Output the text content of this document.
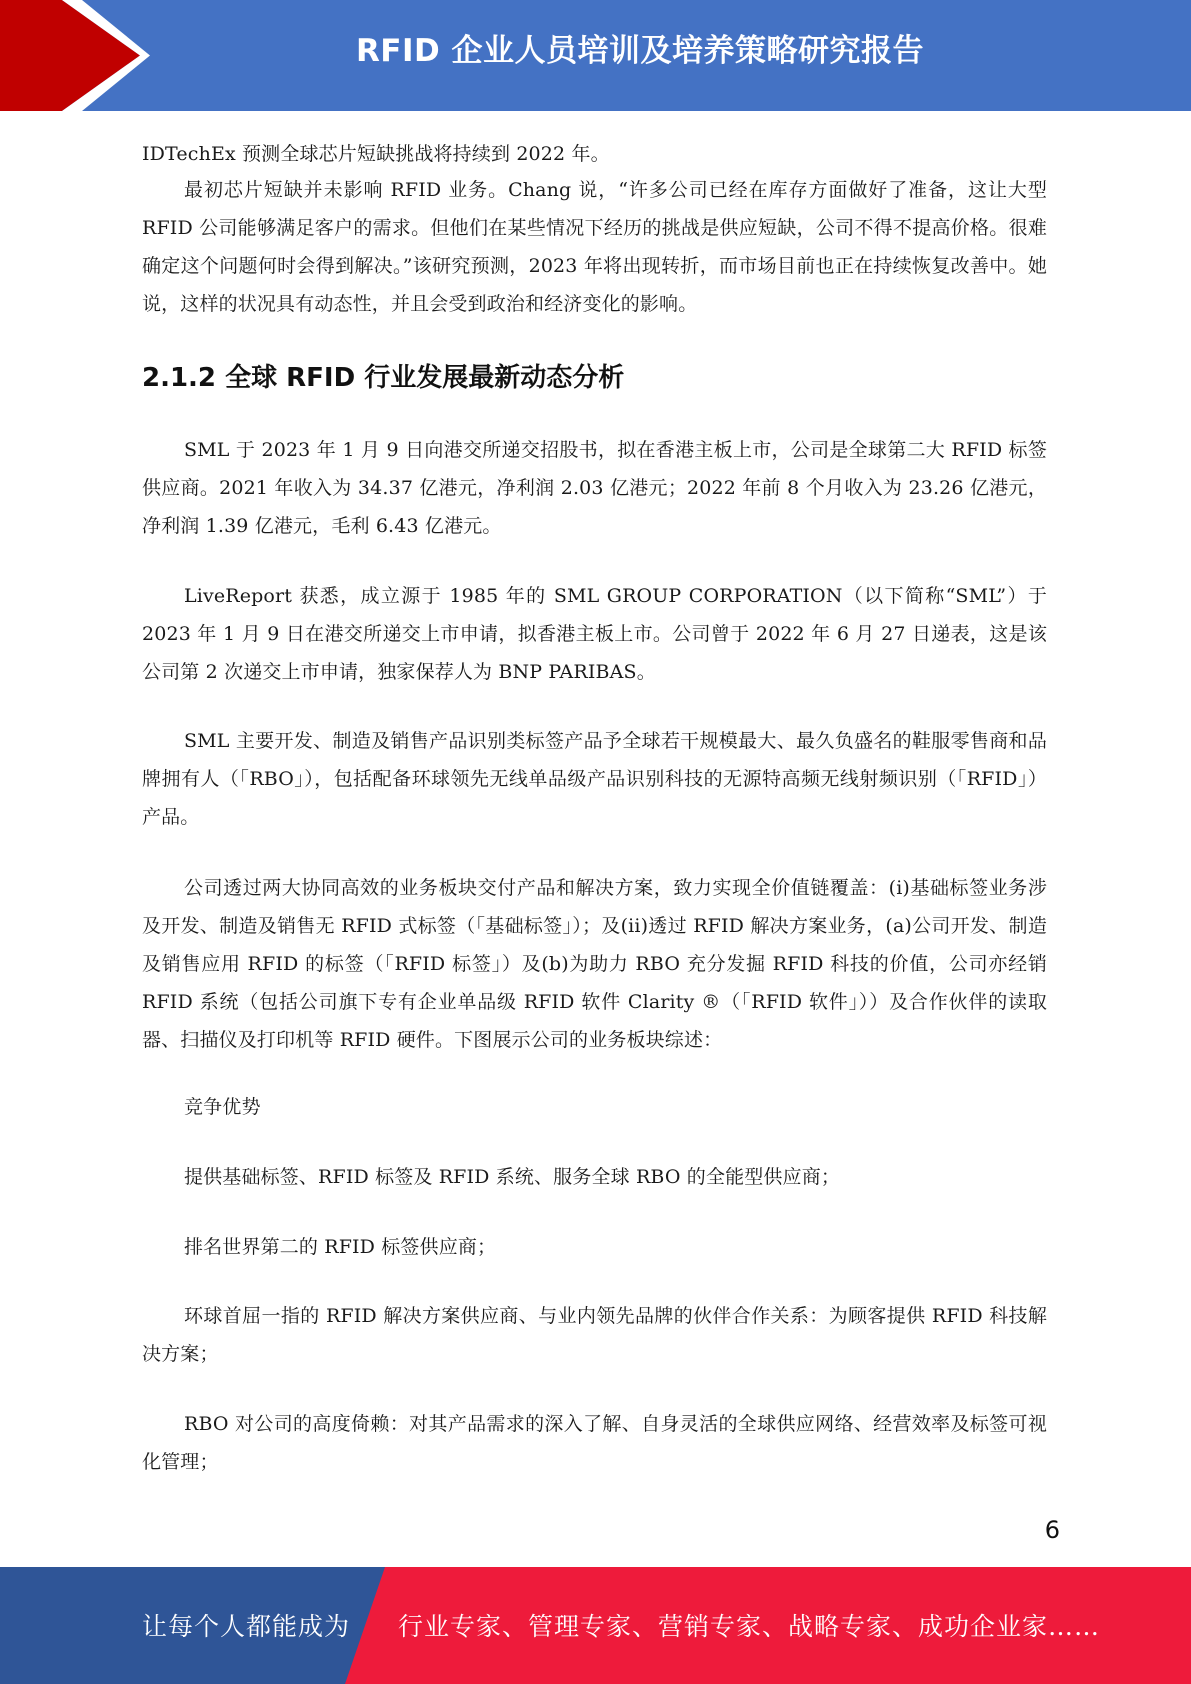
RFID 企业人员培训及培养策略研究报告

IDTechEx 预测全球芯片短缺挑战将持续到 2022 年。

最初芯片短缺并未影响 RFID 业务。Chang 说，“许多公司已经在库存方面做好了准备，这让大型 RFID 公司能够满足客户的需求。但他们在某些情况下经历的挑战是供应短缺，公司不得不提高价格。很难确定这个问题何时会得到解决。”该研究预测，2023 年将出现转折，而市场目前也正在持续恢复改善中。她说，这样的状况具有动态性，并且会受到政治和经济变化的影响。

2.1.2 全球 RFID 行业发展最新动态分析

SML 于 2023 年 1 月 9 日向港交所递交招股书，拟在香港主板上市，公司是全球第二大 RFID 标签供应商。2021 年收入为 34.37 亿港元，净利润 2.03 亿港元；2022 年前 8 个月收入为 23.26 亿港元，净利润 1.39 亿港元，毛利 6.43 亿港元。

LiveReport 获悉，成立源于 1985 年的 SML GROUP CORPORATION（以下简称“SML”）于 2023 年 1 月 9 日在港交所递交上市申请，拟香港主板上市。公司曾于 2022 年 6 月 27 日递表，这是该公司第 2 次递交上市申请，独家保荐人为 BNP PARIBAS。

SML 主要开发、制造及销售产品识别类标签产品予全球若干规模最大、最久负盛名的鞋服零售商和品牌拥有人（「RBO」），包括配备环球领先无线单品级产品识别科技的无源特高频无线射频识别（「RFID」）产品。

公司透过两大协同高效的业务板块交付产品和解决方案，致力实现全价值链覆盖：(i)基础标签业务涉及开发、制造及销售无 RFID 式标签（「基础标签」）；及(ii)透过 RFID 解决方案业务，(a)公司开发、制造及销售应用 RFID 的标签（「RFID 标签」）及(b)为助力 RBO 充分发掘 RFID 科技的价值，公司亦经销 RFID 系统（包括公司旗下专有企业单品级 RFID 软件 Clarity ®（「RFID 软件」））及合作伙伴的读取器、扫描仪及打印机等 RFID 硬件。下图展示公司的业务板块综述：

竞争优势

提供基础标签、RFID 标签及 RFID 系统、服务全球 RBO 的全能型供应商；

排名世界第二的 RFID 标签供应商；

环球首屈一指的 RFID 解决方案供应商、与业内领先品牌的伙伴合作关系：为顾客提供 RFID 科技解决方案；

RBO 对公司的高度倚赖：对其产品需求的深入了解、自身灵活的全球供应网络、经营效率及标签可视化管理；

6
让每个人都能成为 行业专家、管理专家、营销专家、战略专家、成功企业家……
